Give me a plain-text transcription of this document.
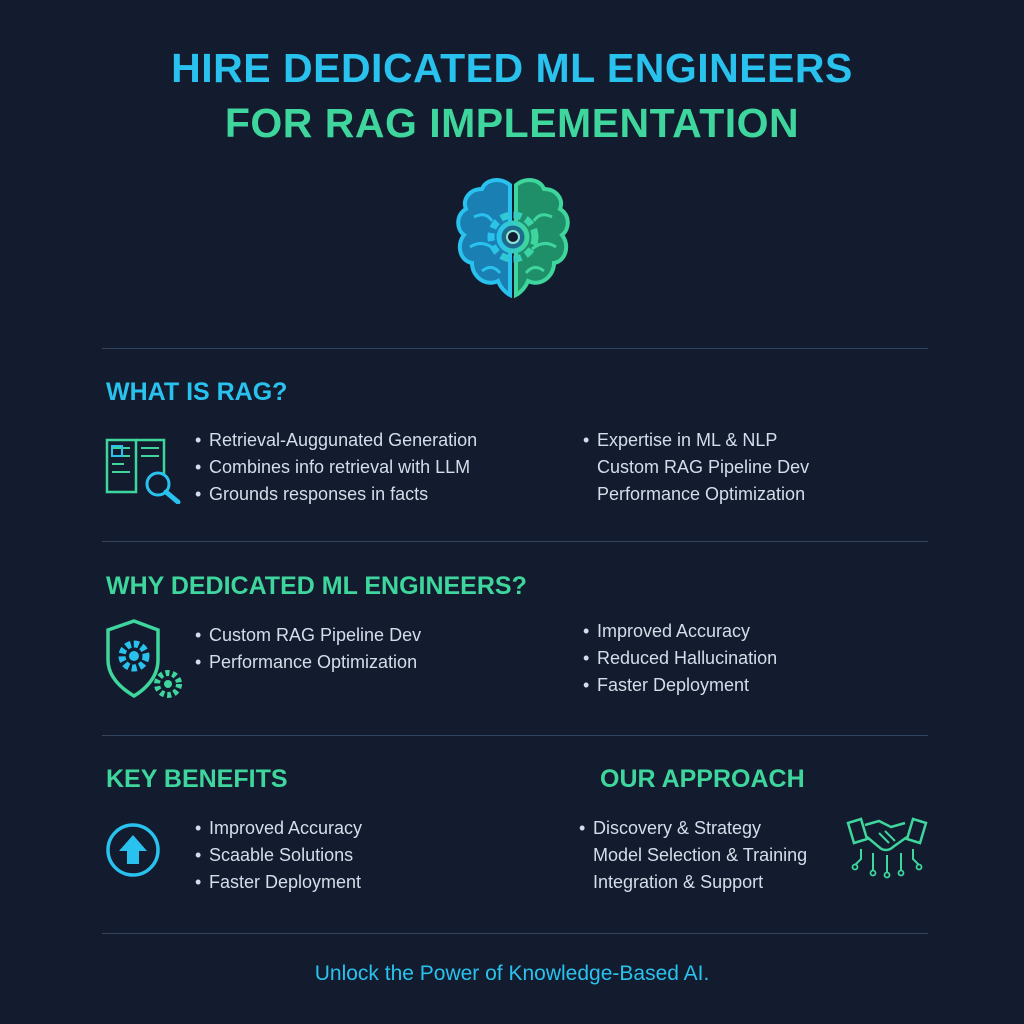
HIRE DEDICATED ML ENGINEERS
FOR RAG IMPLEMENTATION
WHAT IS RAG?
• Retrieval-Auggunated Generation
• Combines info retrieval with LLM
• Grounds responses in facts
• Expertise in ML & NLP
Custom RAG Pipeline Dev
Performance Optimization
WHY DEDICATED ML ENGINEERS?
• Custom RAG Pipeline Dev
• Performance Optimization
• Improved Accuracy
• Reduced Hallucination
• Faster Deployment
KEY BENEFITS
• Improved Accuracy
• Scaable Solutions
• Faster Deployment
OUR APPROACH
• Discovery & Strategy
Model Selection & Training
Integration & Support
Unlock the Power of Knowledge-Based AI.
